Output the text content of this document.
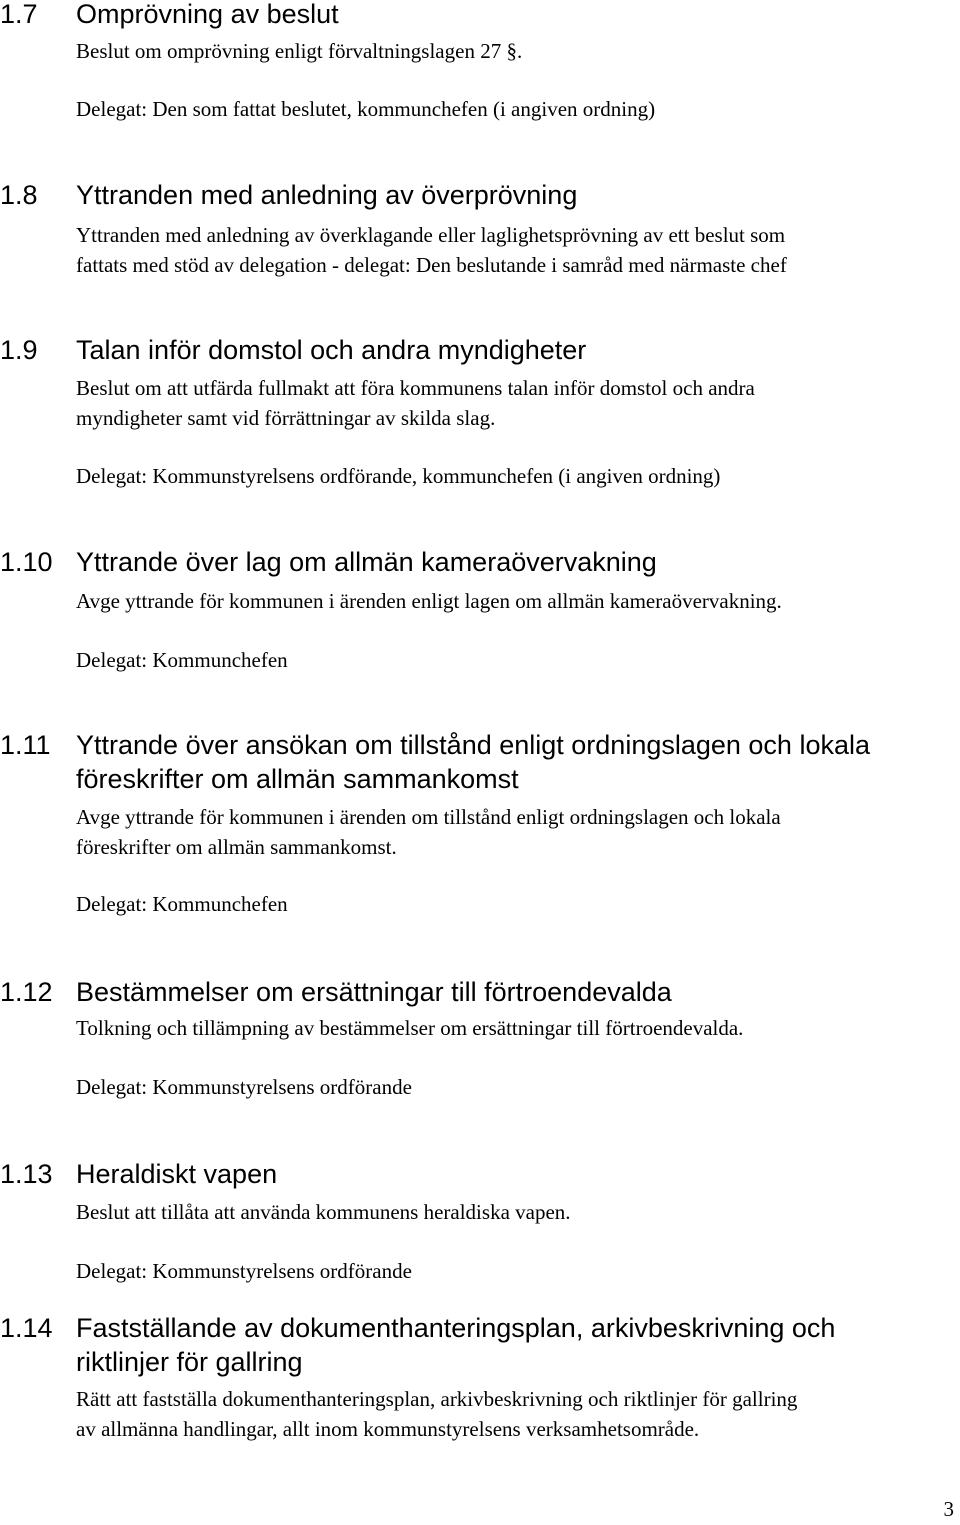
1.7 Omprövning av beslut
Beslut om omprövning enligt förvaltningslagen 27 §.
Delegat: Den som fattat beslutet, kommunchefen (i angiven ordning)
1.8 Yttranden med anledning av överprövning
Yttranden med anledning av överklagande eller laglighetsprövning av ett beslut som
fattats med stöd av delegation - delegat: Den beslutande i samråd med närmaste chef
1.9 Talan inför domstol och andra myndigheter
Beslut om att utfärda fullmakt att föra kommunens talan inför domstol och andra
myndigheter samt vid förrättningar av skilda slag.
Delegat: Kommunstyrelsens ordförande, kommunchefen (i angiven ordning)
1.10 Yttrande över lag om allmän kameraövervakning
Avge yttrande för kommunen i ärenden enligt lagen om allmän kameraövervakning.
Delegat: Kommunchefen
1.11 Yttrande över ansökan om tillstånd enligt ordningslagen och lokala
föreskrifter om allmän sammankomst
Avge yttrande för kommunen i ärenden om tillstånd enligt ordningslagen och lokala
föreskrifter om allmän sammankomst.
Delegat: Kommunchefen
1.12 Bestämmelser om ersättningar till förtroendevalda
Tolkning och tillämpning av bestämmelser om ersättningar till förtroendevalda.
Delegat: Kommunstyrelsens ordförande
1.13 Heraldiskt vapen
Beslut att tillåta att använda kommunens heraldiska vapen.
Delegat: Kommunstyrelsens ordförande
1.14 Fastställande av dokumenthanteringsplan, arkivbeskrivning och
riktlinjer för gallring
Rätt att fastställa dokumenthanteringsplan, arkivbeskrivning och riktlinjer för gallring
av allmänna handlingar, allt inom kommunstyrelsens verksamhetsområde.
3
